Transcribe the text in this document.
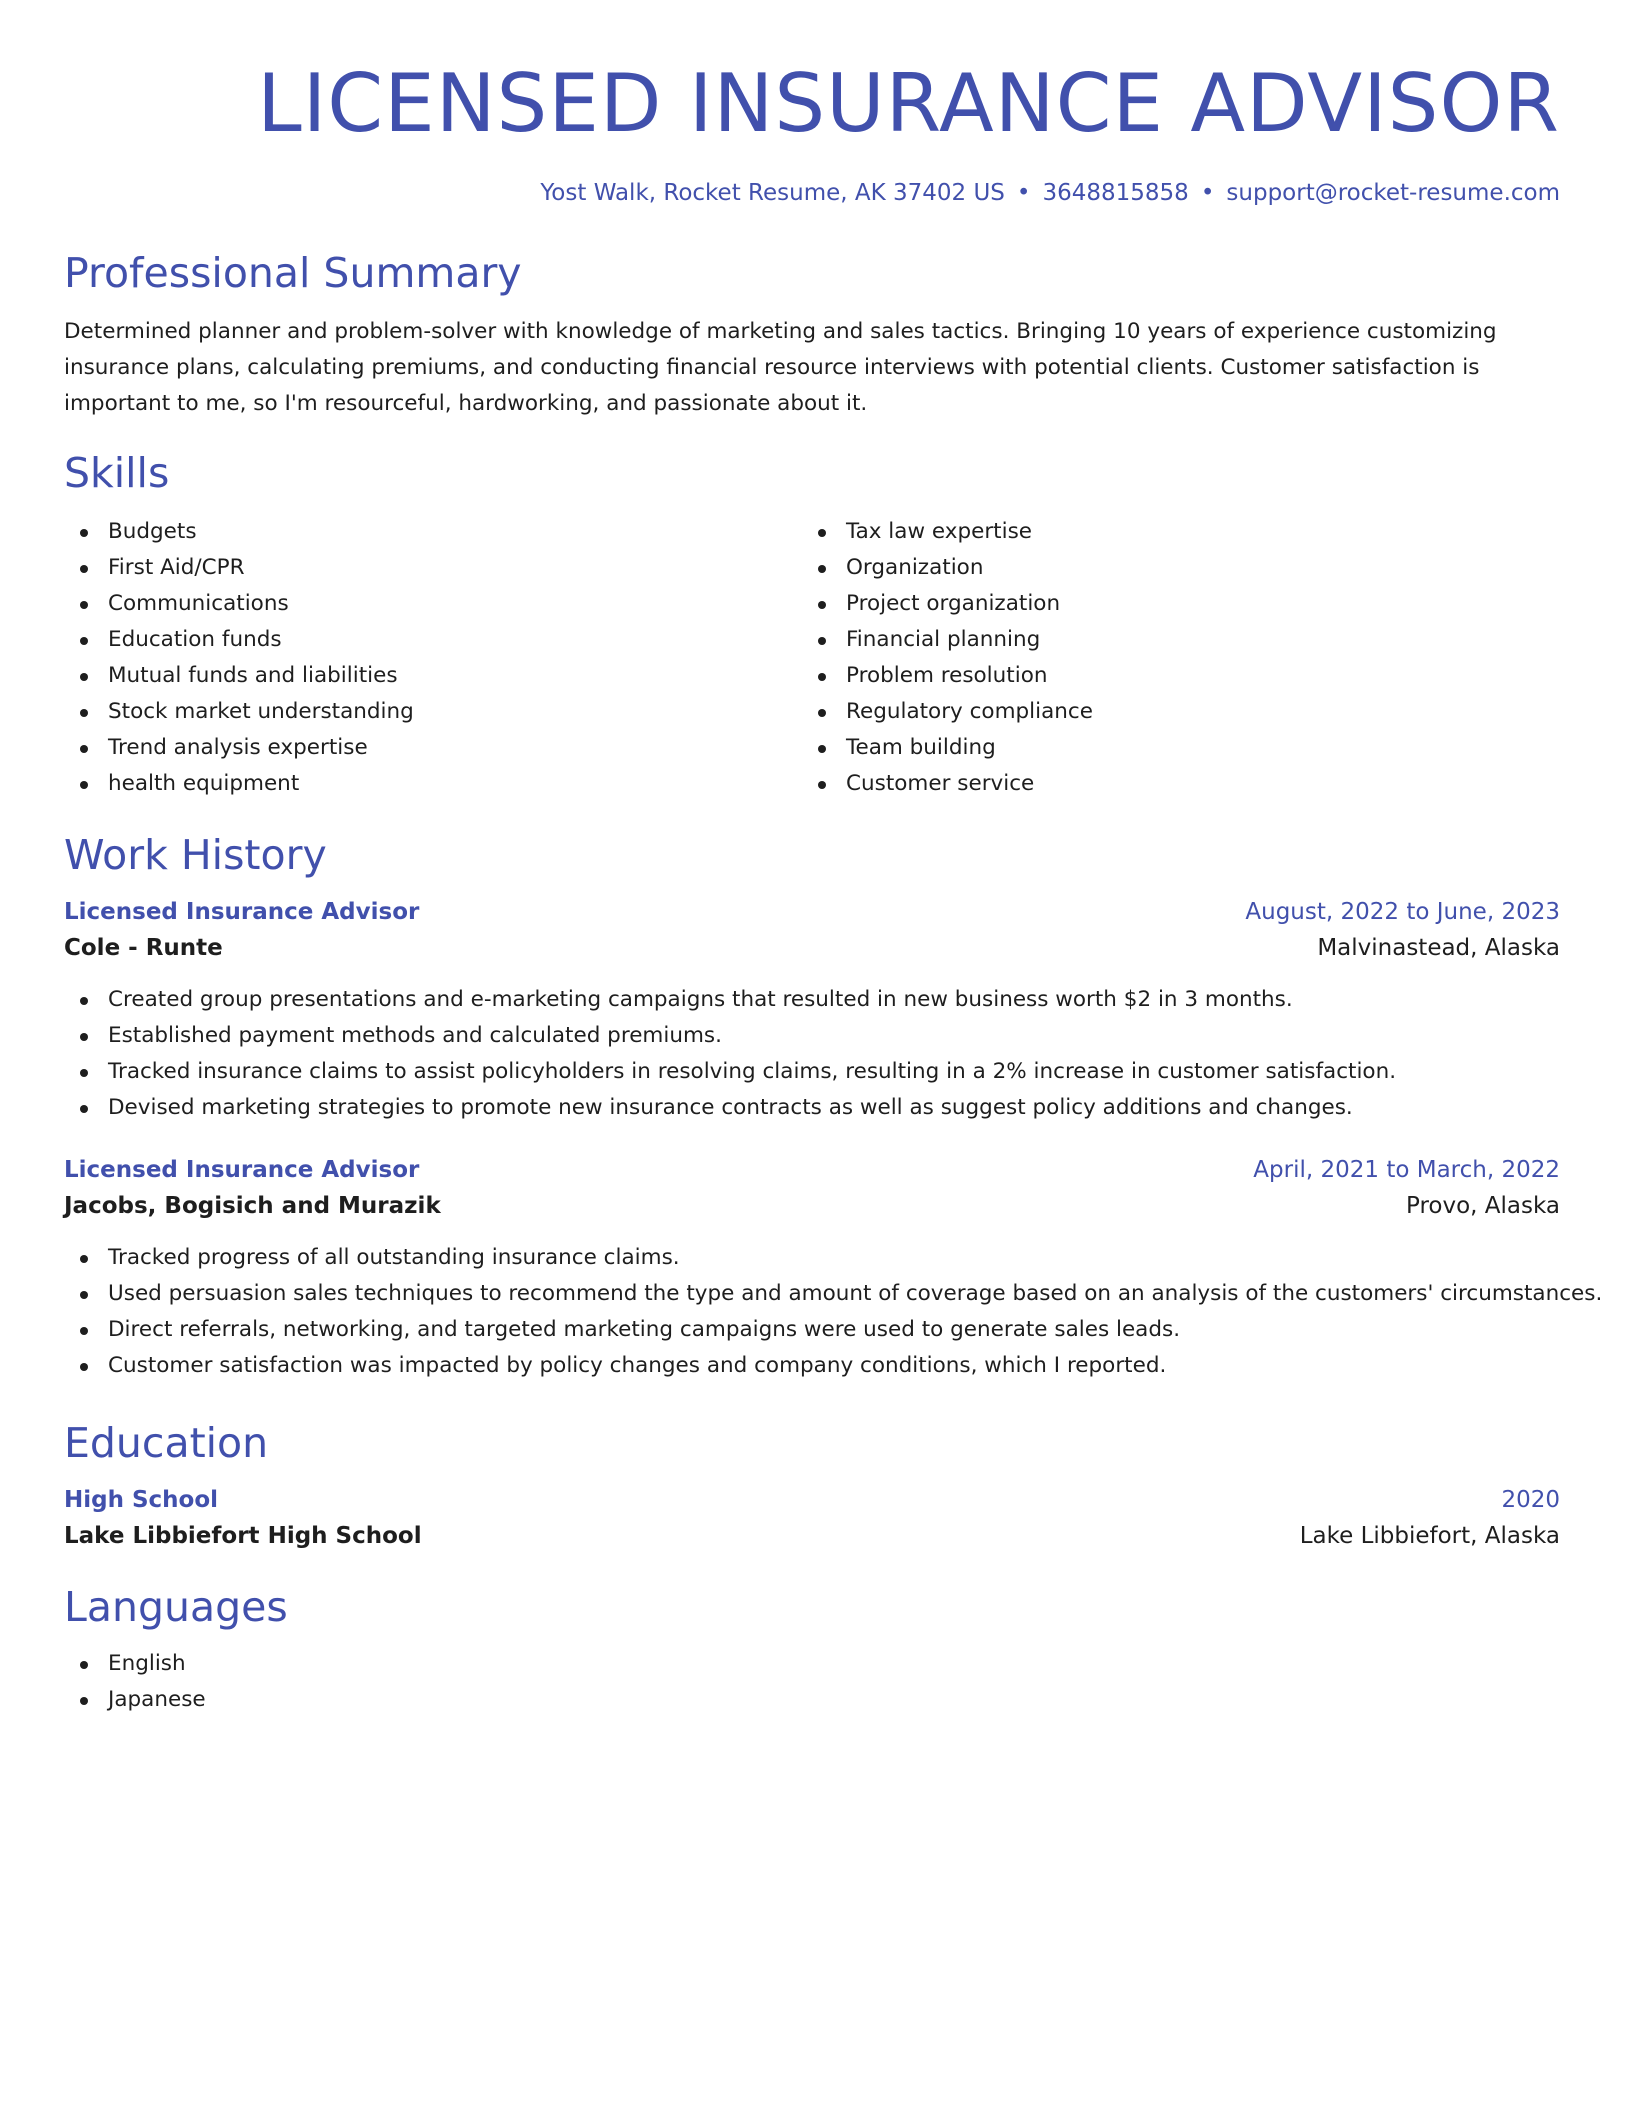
LICENSED INSURANCE ADVISOR
Yost Walk, Rocket Resume, AK 37402 US • 3648815858 • support@rocket-resume.com
Professional Summary
Determined planner and problem-solver with knowledge of marketing and sales tactics. Bringing 10 years of experience customizing insurance plans, calculating premiums, and conducting financial resource interviews with potential clients. Customer satisfaction is important to me, so I'm resourceful, hardworking, and passionate about it.
Skills
Budgets
First Aid/CPR
Communications
Education funds
Mutual funds and liabilities
Stock market understanding
Trend analysis expertise
health equipment
Tax law expertise
Organization
Project organization
Financial planning
Problem resolution
Regulatory compliance
Team building
Customer service
Work History
Licensed Insurance Advisor	August, 2022 to June, 2023
Cole - Runte	Malvinastead, Alaska
Created group presentations and e-marketing campaigns that resulted in new business worth $2 in 3 months.
Established payment methods and calculated premiums.
Tracked insurance claims to assist policyholders in resolving claims, resulting in a 2% increase in customer satisfaction.
Devised marketing strategies to promote new insurance contracts as well as suggest policy additions and changes.
Licensed Insurance Advisor	April, 2021 to March, 2022
Jacobs, Bogisich and Murazik	Provo, Alaska
Tracked progress of all outstanding insurance claims.
Used persuasion sales techniques to recommend the type and amount of coverage based on an analysis of the customers' circumstances.
Direct referrals, networking, and targeted marketing campaigns were used to generate sales leads.
Customer satisfaction was impacted by policy changes and company conditions, which I reported.
Education
High School	2020
Lake Libbiefort High School	Lake Libbiefort, Alaska
Languages
English
Japanese
